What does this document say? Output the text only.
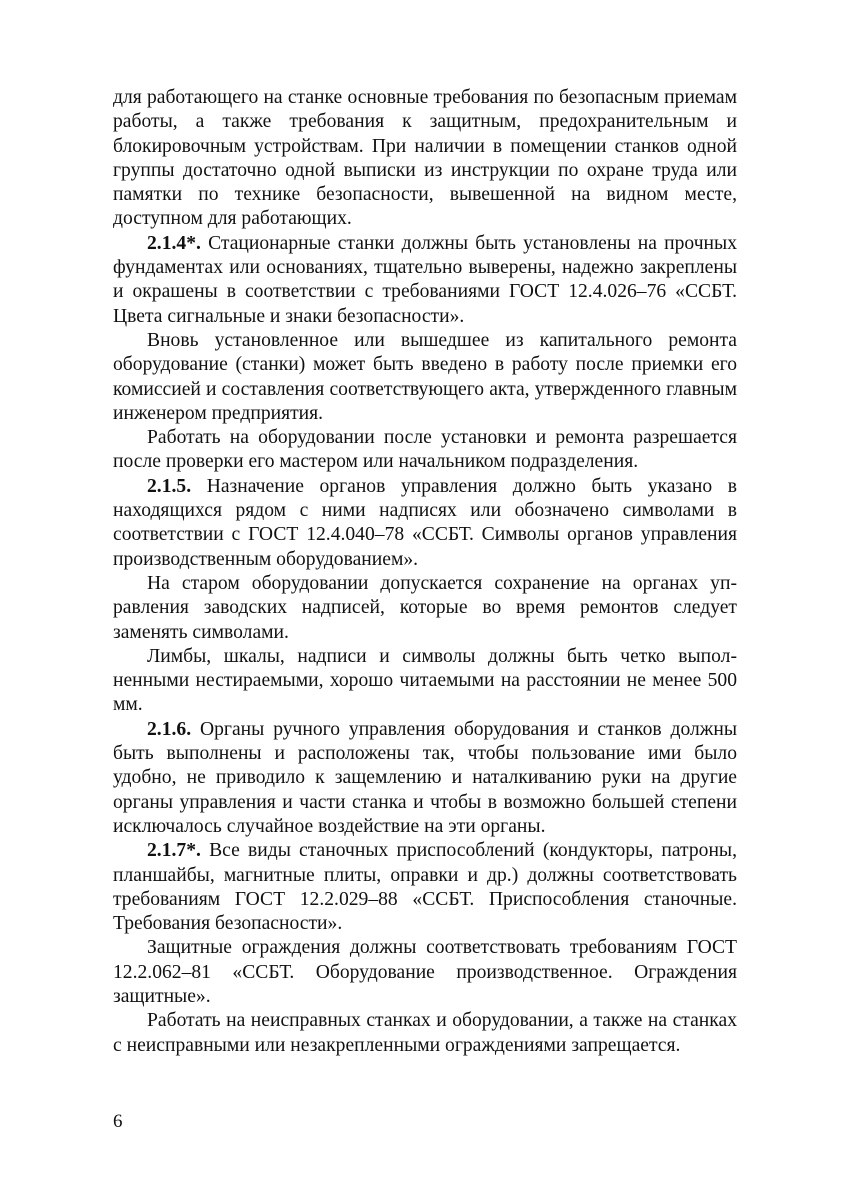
для работающего на станке основные требования по безопасным приемам работы, а также требования к защитным, предохранительным и блокировочным устройствам. При наличии в помещении станков одной группы достаточно одной выписки из инструкции по охране труда или памятки по технике безопасности, вывешенной на видном месте, доступном для работающих.

2.1.4*. Стационарные станки должны быть установлены на прочных фундаментах или основаниях, тщательно выверены, надежно закреплены и окрашены в соответствии с требованиями ГОСТ 12.4.026–76 «ССБТ. Цвета сигнальные и знаки безопасности».

Вновь установленное или вышедшее из капитального ремонта оборудование (станки) может быть введено в работу после приемки его комиссией и составления соответствующего акта, утвержденного главным инженером предприятия.

Работать на оборудовании после установки и ремонта разрешается после проверки его мастером или начальником подразделения.

2.1.5. Назначение органов управления должно быть указано в находящихся рядом с ними надписях или обозначено символами в соответствии с ГОСТ 12.4.040–78 «ССБТ. Символы органов управления производственным оборудованием».

На старом оборудовании допускается сохранение на органах управления заводских надписей, которые во время ремонтов следует заменять символами.

Лимбы, шкалы, надписи и символы должны быть четко выполненными нестираемыми, хорошо читаемыми на расстоянии не менее 500 мм.

2.1.6. Органы ручного управления оборудования и станков должны быть выполнены и расположены так, чтобы пользование ими было удобно, не приводило к защемлению и наталкиванию руки на другие органы управления и части станка и чтобы в возможно большей степени исключалось случайное воздействие на эти органы.

2.1.7*. Все виды станочных приспособлений (кондукторы, патроны, планшайбы, магнитные плиты, оправки и др.) должны соответствовать требованиям ГОСТ 12.2.029–88 «ССБТ. Приспособления станочные. Требования безопасности».

Защитные ограждения должны соответствовать требованиям ГОСТ 12.2.062–81 «ССБТ. Оборудование производственное. Ограждения защитные».

Работать на неисправных станках и оборудовании, а также на станках с неисправными или незакрепленными ограждениями запрещается.

6
